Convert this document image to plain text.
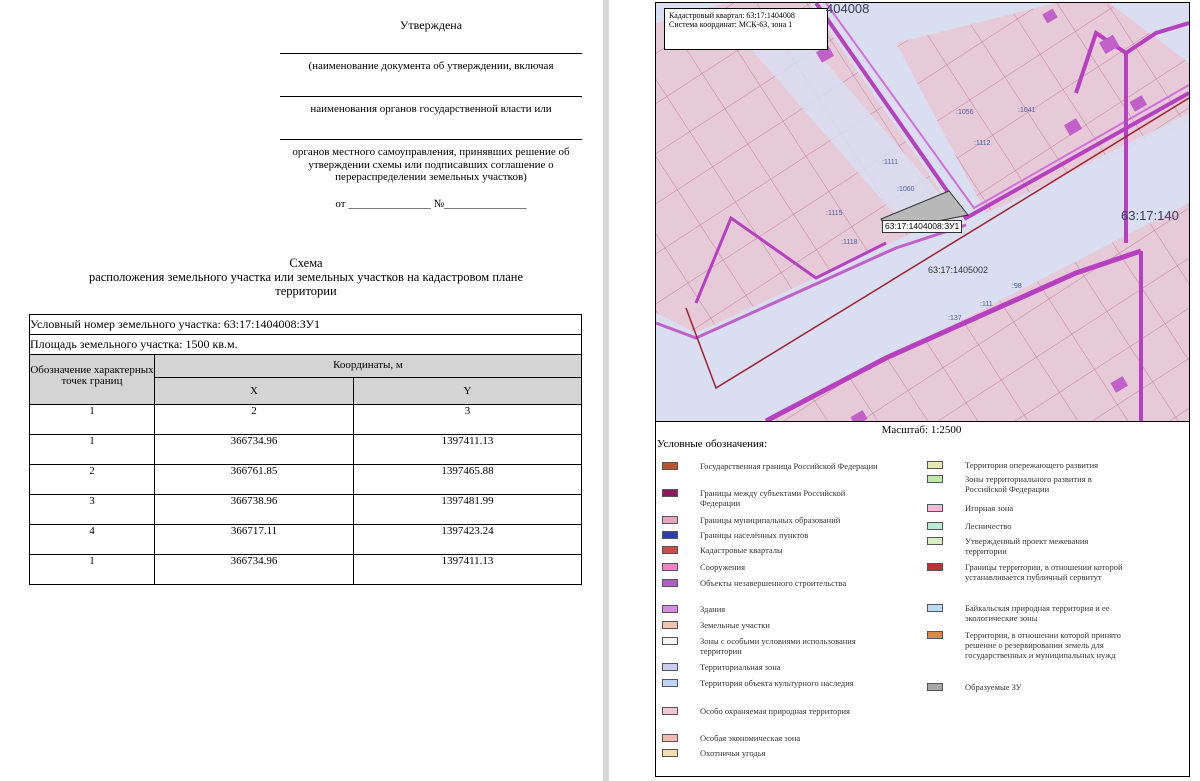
Утверждена
(наименование документа об утверждении, включая
наименования органов государственной власти или
органов местного самоуправления, принявших решение об утверждении схемы или подписавших соглашение о перераспределении земельных участков)
от _______________ №_______________
Схема
расположения земельного участка или земельных участков на кадастровом плане территории
Условный номер земельного участка: 63:17:1404008:ЗУ1		
Площадь земельного участка: 1500 кв.м.		
Обозначение характерных точек границ	Координаты, м	
	X	Y
1	2	3
1	366734.96	1397411.13
2	366761.85	1397465.88
3	366738.96	1397481.99
4	366717.11	1397423.24
1	366734.96	1397411.13
Кадастровый квартал: 63:17:1404008
Система координат: МСК-63, зона 1
404008
63:17:140
63:17:1404008:ЗУ1
63:17:1405002
:1056	:1041
:1112
:1111
:1060
:1115
:1118
:98
:111
:137
Масштаб: 1:2500
Условные обозначения:
Государственная граница Российской Федерации
Границы между субъектами Российской Федерации
Границы муниципальных образований
Границы населённых пунктов
Кадастровые кварталы
Сооружения
Объекты незавершенного строительства
Здания
Земельные участки
Зоны с особыми условиями использования территории
Территориальная зона
Территория объекта культурного наследия
Особо охраняемая природная территория
Особая экономическая зона
Охотничьи угодья
Территория опережающего развития
Зоны территориального развития в Российской Федерации
Игорная зона
Лесничество
Утвержденный проект межевания территории
Границы территории, в отношении которой устанавливается публичный сервитут
Байкальская природная территория и ее экологические зоны
Территория, в отношении которой принято решение о резервировании земель для государственных и муниципальных нужд
Образуемые ЗУ
